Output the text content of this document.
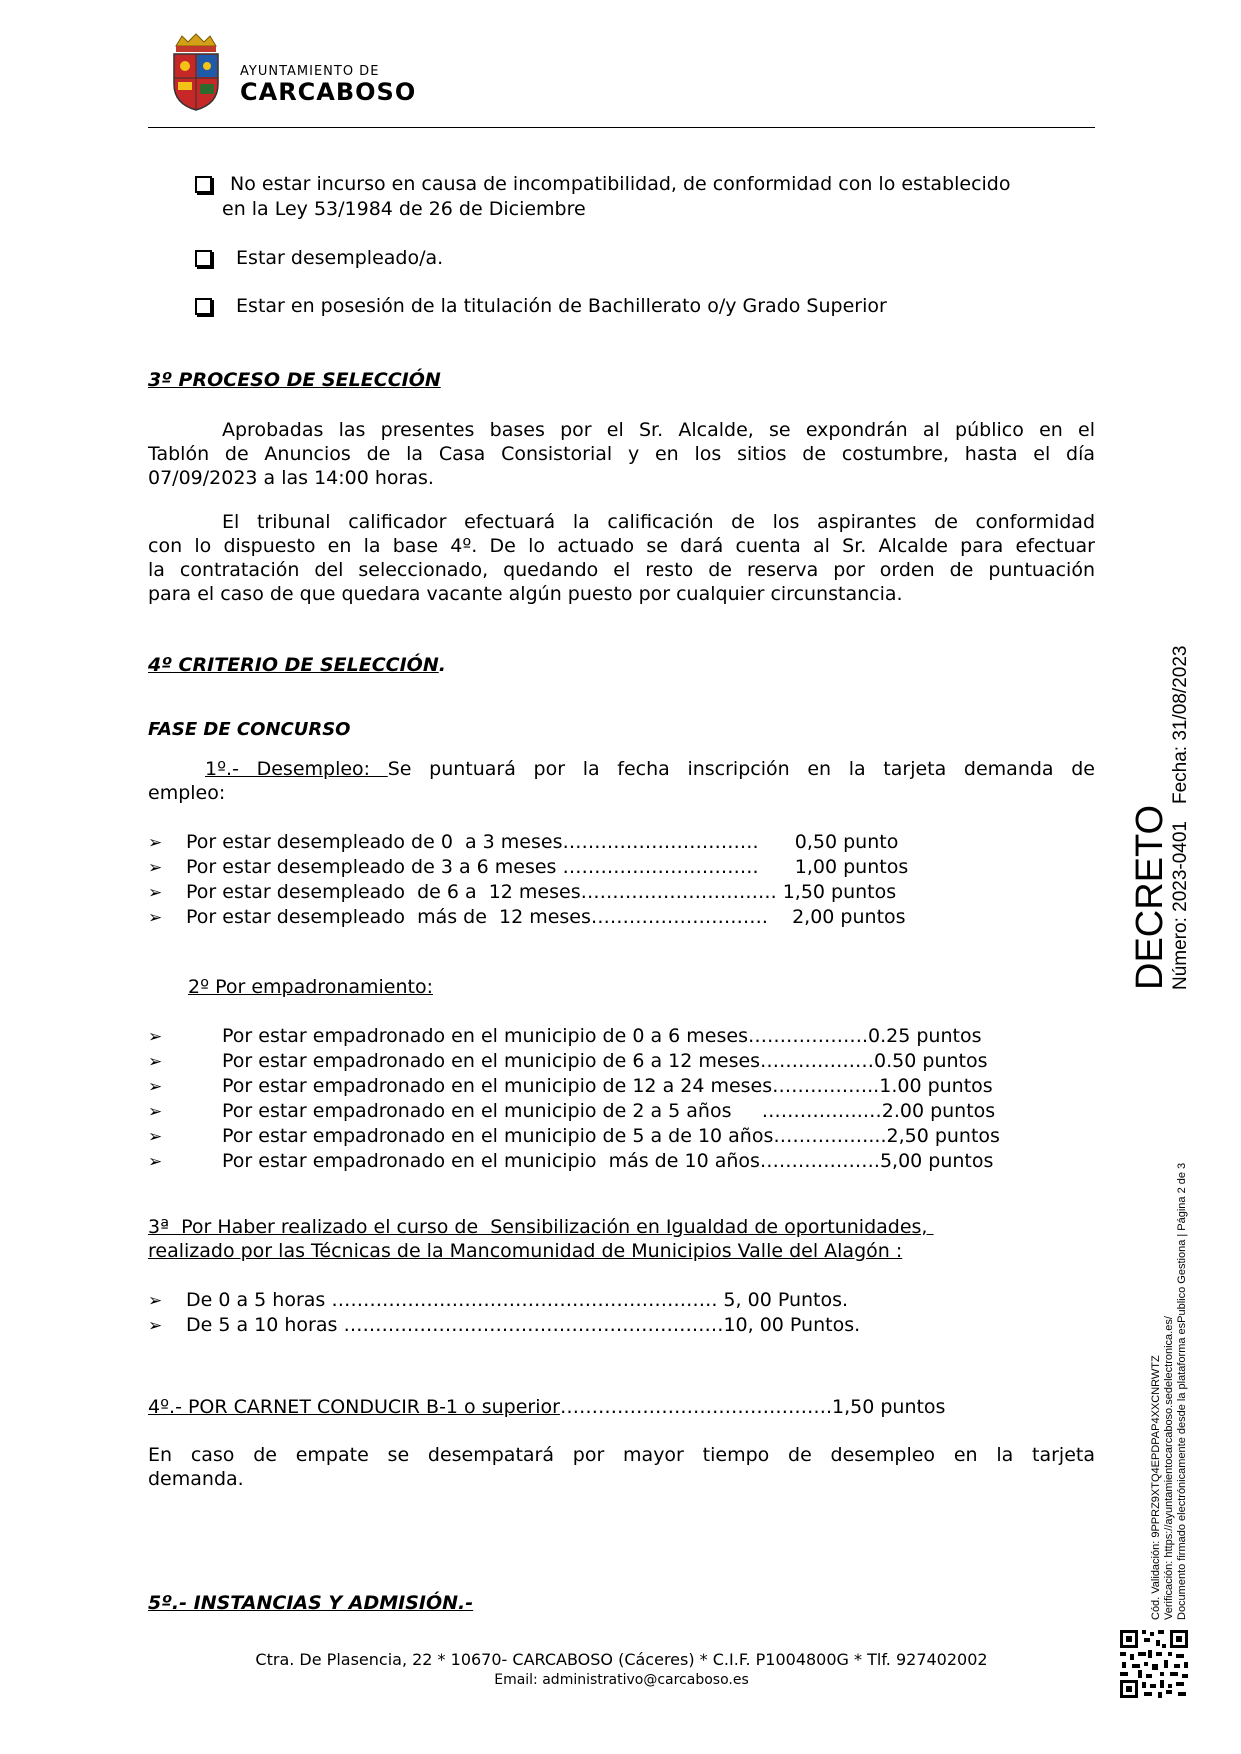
AYUNTAMIENTO DE
CARCABOSO
No estar incurso en causa de incompatibilidad, de conformidad con lo establecido
en la Ley 53/1984 de 26 de Diciembre
Estar desempleado/a.
Estar en posesión de la titulación de Bachillerato o/y Grado Superior
3º PROCESO DE SELECCIÓN
Aprobadas las presentes bases por el Sr. Alcalde, se expondrán al público en el
Tablón de Anuncios de la Casa Consistorial y en los sitios de costumbre, hasta el día
07/09/2023 a las 14:00 horas.
El tribunal calificador efectuará la calificación de los aspirantes de conformidad
con lo dispuesto en la base 4º. De lo actuado se dará cuenta al Sr. Alcalde para efectuar
la contratación del seleccionado, quedando el resto de reserva por orden de puntuación
para el caso de que quedara vacante algún puesto por cualquier circunstancia.
4º CRITERIO DE SELECCIÓN.
FASE DE CONCURSO
1º.- Desempleo: Se puntuará por la fecha inscripción en la tarjeta demanda de
empleo:
➢ Por estar desempleado de 0  a 3 meses………………………….      0,50 punto
➢ Por estar desempleado de 3 a 6 meses ………………………….      1,00 puntos
➢ Por estar desempleado  de 6 a  12 meses…………………………. 1,50 puntos
➢ Por estar desempleado  más de  12 meses……………………….    2,00 puntos
2º Por empadronamiento:
➢	Por estar empadronado en el municipio de 0 a 6 meses……………….0.25 puntos
➢	Por estar empadronado en el municipio de 6 a 12 meses………………0.50 puntos
➢	Por estar empadronado en el municipio de 12 a 24 meses……………..1.00 puntos
➢	Por estar empadronado en el municipio de 2 a 5 años     …………….…2.00 puntos
➢	Por estar empadronado en el municipio de 5 a de 10 años……………...2,50 puntos
➢	Por estar empadronado en el municipio  más de 10 años……………….5,00 puntos
3ª  Por Haber realizado el curso de  Sensibilización en Igualdad de oportunidades,
realizado por las Técnicas de la Mancomunidad de Municipios Valle del Alagón :
➢ De 0 a 5 horas ……………………………………………………. 5, 00 Puntos.
➢ De 5 a 10 horas ……………………………………………………10, 00 Puntos.
4º.- POR CARNET CONDUCIR B-1 o superior…………………………………….1,50 puntos
En caso de empate se desempatará por mayor tiempo de desempleo en la tarjeta
demanda.
5º.- INSTANCIAS Y ADMISIÓN.-
Ctra. De Plasencia, 22 * 10670- CARCABOSO (Cáceres) * C.I.F. P1004800G * Tlf. 927402002
Email: administrativo@carcaboso.es
DECRETO Número: 2023-0401
Fecha: 31/08/2023
Cód. Validación: 9PPRZ9XTQ4EPDPAP4XXCNRWTZ Verificación: https://ayuntamientocarcaboso.sedelectronica.es/ Documento firmado electrónicamente desde la plataforma esPublico Gestiona | Página 2 de 3
